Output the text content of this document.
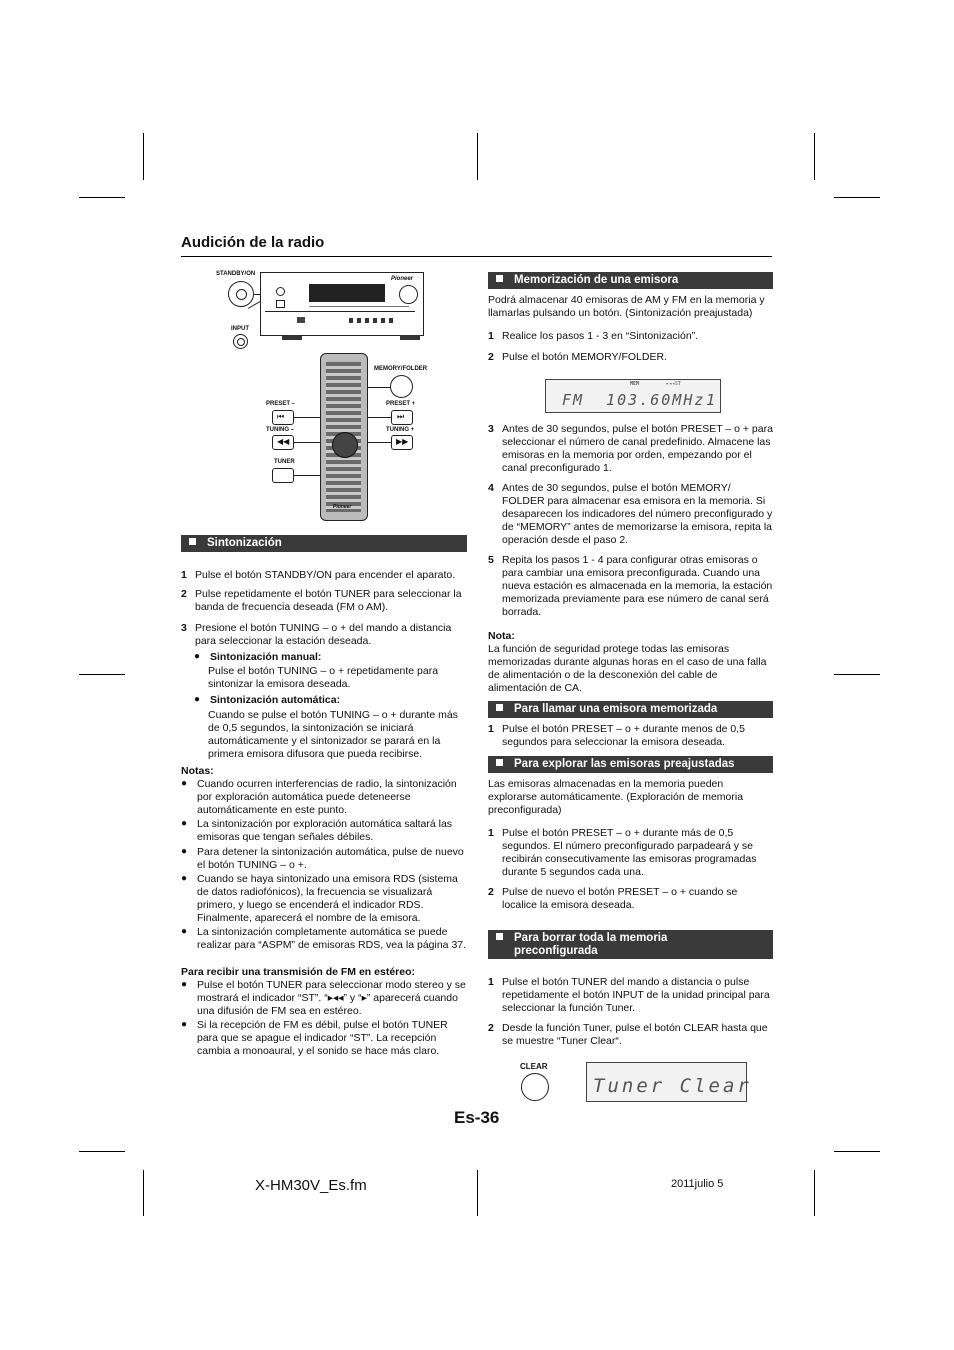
Audición de la radio
STANDBY/ON
INPUT
Pioneer
Pioneer
MEMORY/FOLDER
PRESET –
⏮
PRESET +
⏭
TUNING –
◀◀
TUNING +
▶▶
TUNER
Sintonización
1 Pulse el botón STANDBY/ON para encender el aparato.
2 Pulse repetidamente el botón TUNER para seleccionar la banda de frecuencia deseada (FM o AM).
3 Presione el botón TUNING – o + del mando a distancia para seleccionar la estación deseada.
● Sintonización manual:
Pulse el botón TUNING – o + repetidamente para sintonizar la emisora deseada.
● Sintonización automática:
Cuando se pulse el botón TUNING – o + durante más de 0,5 segundos, la sintonización se iniciará automáticamente y el sintonizador se parará en la primera emisora difusora que pueda recibirse.
Notas:
● Cuando ocurren interferencias de radio, la sintonización por exploración automática puede deteneerse automáticamente en este punto.
● La sintonización por exploración automática saltará las emisoras que tengan señales débiles.
● Para detener la sintonización automática, pulse de nuevo el botón TUNING – o +.
● Cuando se haya sintonizado una emisora RDS (sistema de datos radiofónicos), la frecuencia se visualizará primero, y luego se encenderá el indicador RDS. Finalmente, aparecerá el nombre de la emisora.
● La sintonización completamente automática se puede realizar para “ASPM” de emisoras RDS, vea la página 37.
Para recibir una transmisión de FM en estéreo:
● Pulse el botón TUNER para seleccionar modo stereo y se mostrará el indicador “ST”. “▸◂◂” y “▸” aparecerá cuando una difusión de FM sea en estéreo.
● Si la recepción de FM es débil, pulse el botón TUNER para que se apague el indicador “ST”. La recepción cambia a monoaural, y el sonido se hace más claro.
Memorización de una emisora
Podrá almacenar 40 emisoras de AM y FM en la memoria y llamarlas pulsando un botón. (Sintonización preajustada)
1 Realice los pasos 1 - 3 en “Sintonización”.
2 Pulse el botón MEMORY/FOLDER.
MEM	▸◂◂ST
FM  103.60MHz 1
3 Antes de 30 segundos, pulse el botón PRESET – o + para seleccionar el número de canal predefinido. Almacene las emisoras en la memoria por orden, empezando por el canal preconfigurado 1.
4 Antes de 30 segundos, pulse el botón MEMORY/ FOLDER para almacenar esa emisora en la memoria. Si desaparecen los indicadores del número preconfigurado y de “MEMORY” antes de memorizarse la emisora, repita la operación desde el paso 2.
5 Repita los pasos 1 - 4 para configurar otras emisoras o para cambiar una emisora preconfigurada. Cuando una nueva estación es almacenada en la memoria, la estación memorizada previamente para ese número de canal será borrada.
Nota:
La función de seguridad protege todas las emisoras memorizadas durante algunas horas en el caso de una falla de alimentación o de la desconexión del cable de alimentación de CA.
Para llamar una emisora memorizada
1 Pulse el botón PRESET – o + durante menos de 0,5 segundos para seleccionar la emisora deseada.
Para explorar las emisoras preajustadas
Las emisoras almacenadas en la memoria pueden explorarse automáticamente. (Exploración de memoria preconfigurada)
1 Pulse el botón PRESET – o + durante más de 0,5 segundos. El número preconfigurado parpadeará y se recibirán consecutivamente las emisoras programadas durante 5 segundos cada una.
2 Pulse de nuevo el botón PRESET – o + cuando se localice la emisora deseada.
Para borrar toda la memoria
preconfigurada
1 Pulse el botón TUNER del mando a distancia o pulse repetidamente el botón INPUT de la unidad principal para seleccionar la función Tuner.
2 Desde la función Tuner, pulse el botón CLEAR hasta que se muestre “Tuner Clear“.
CLEAR
Tuner Clear
Es-36
X-HM30V_Es.fm	2011julio 5
